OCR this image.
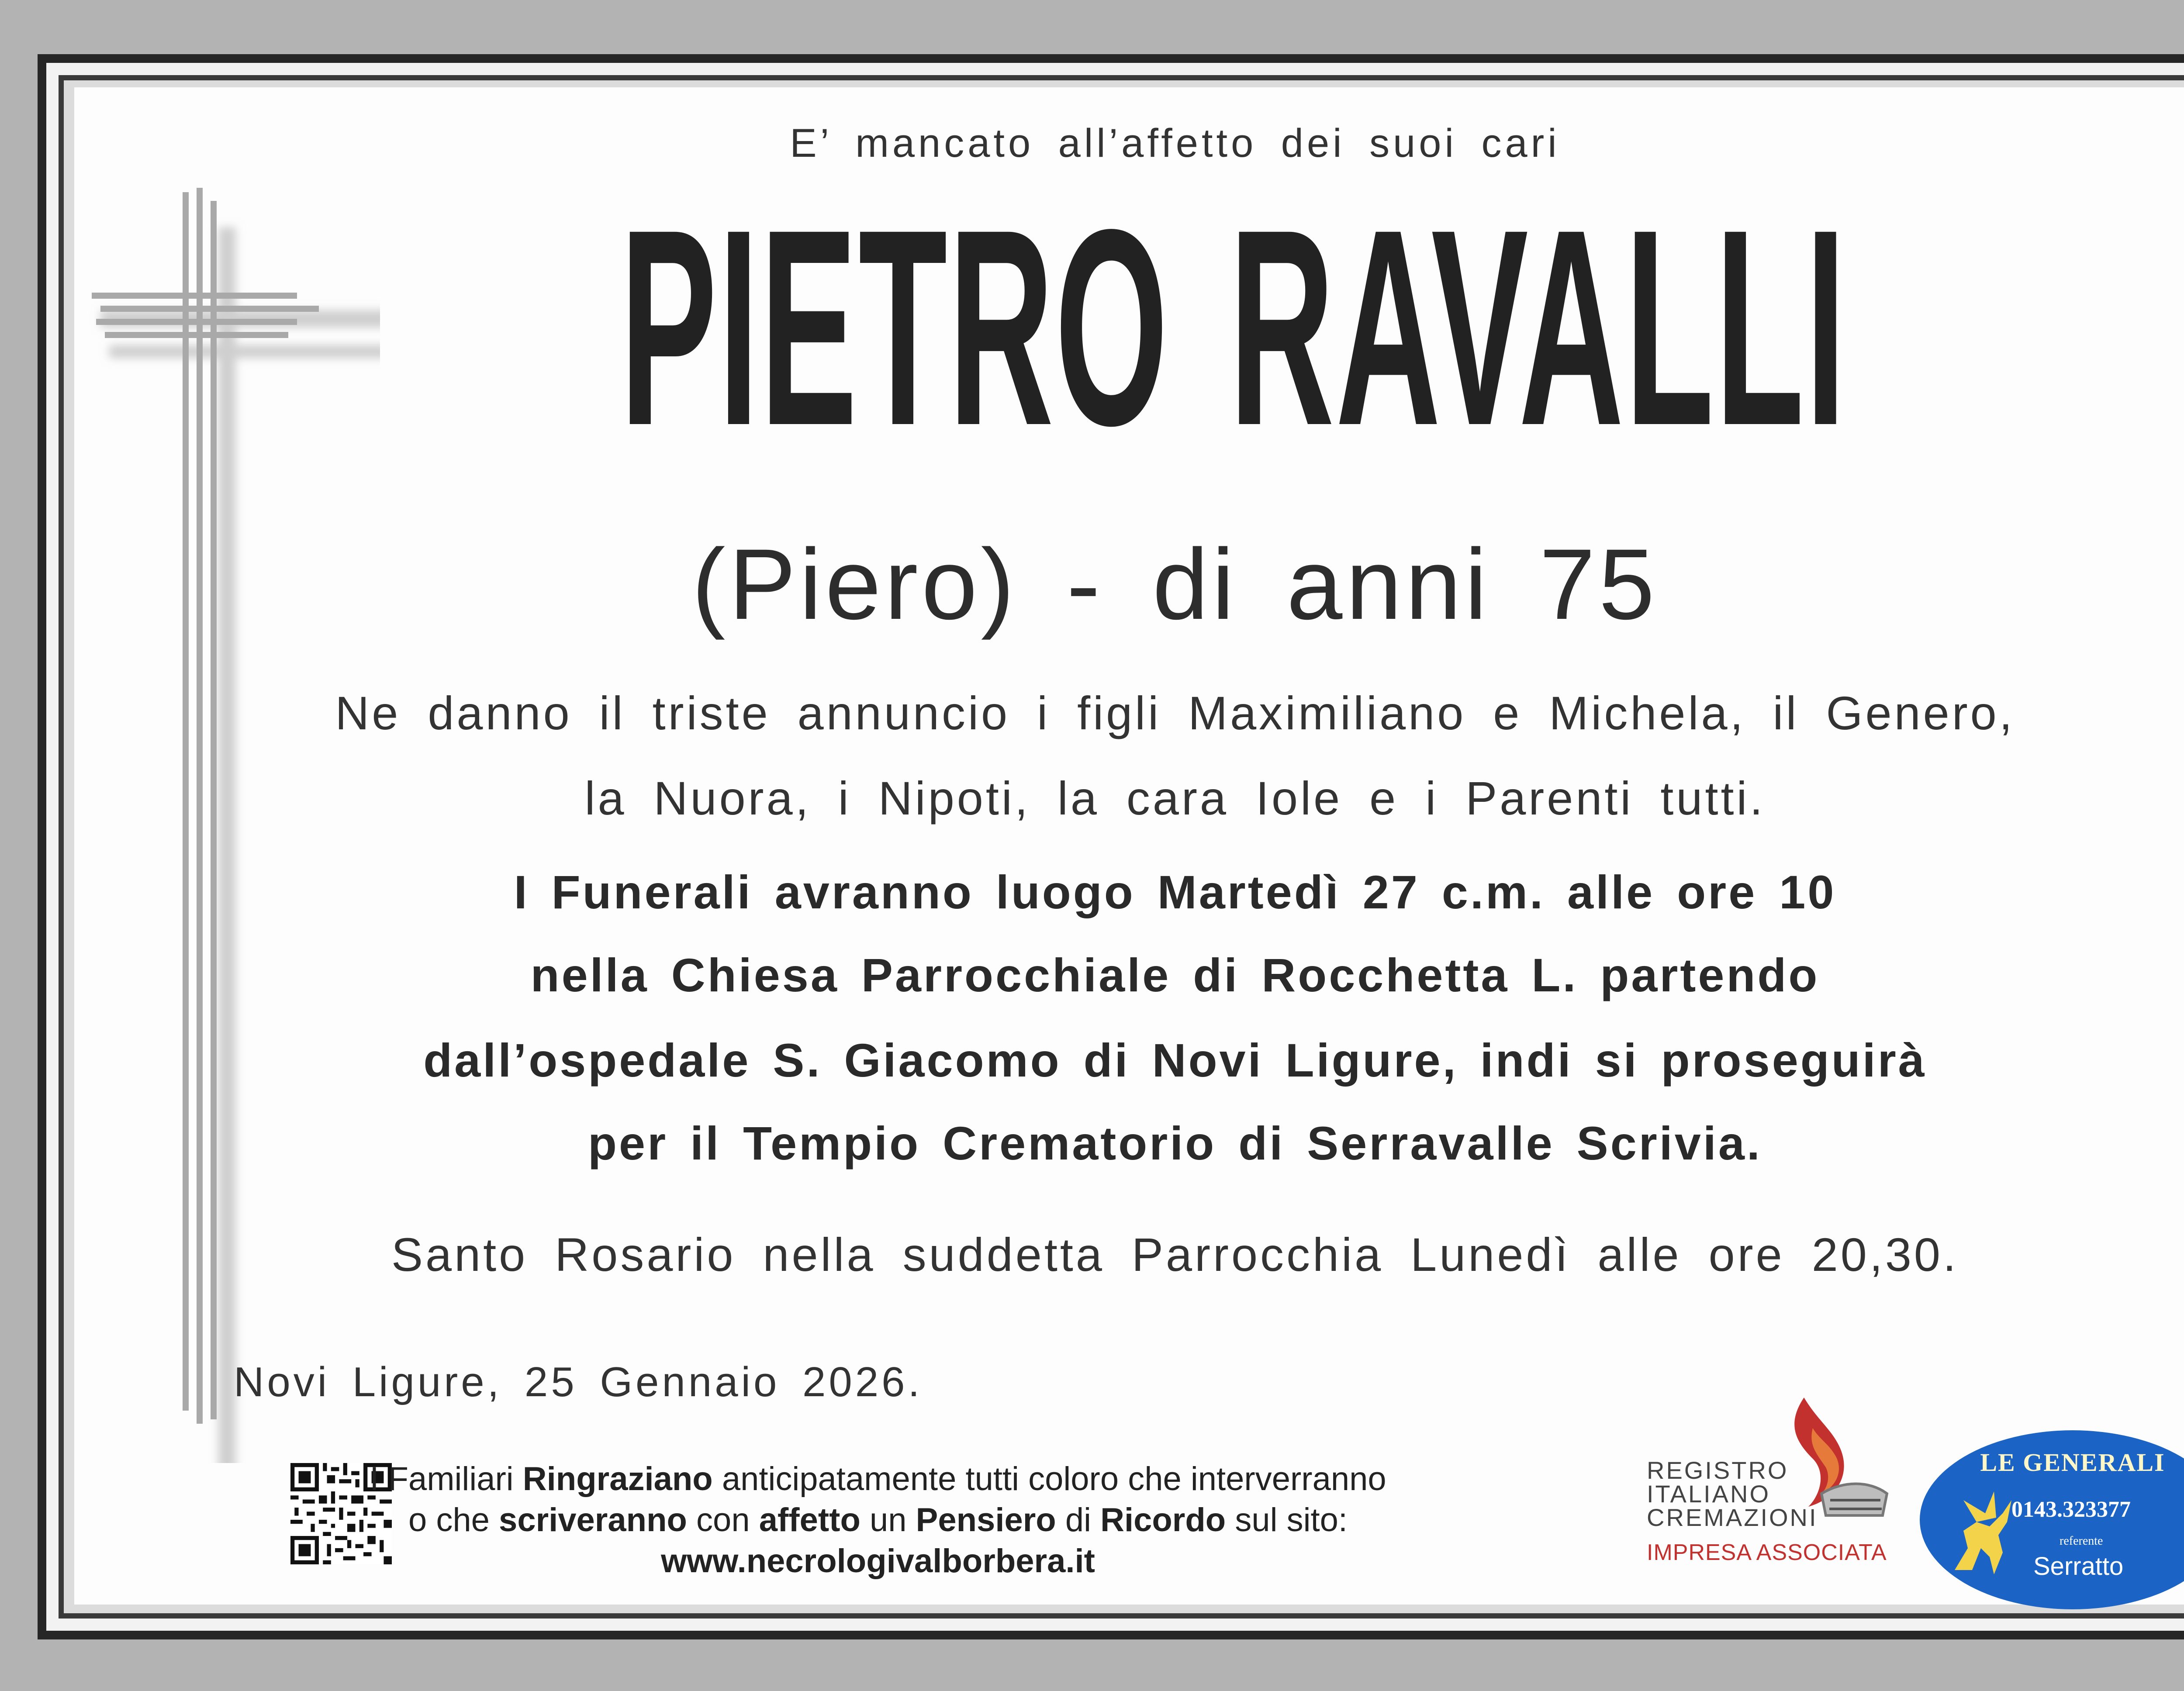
E’ mancato all’affetto dei suoi cari
PIETRO RAVALLI
(Piero) - di anni 75
Ne danno il triste annuncio i figli Maximiliano e Michela, il Genero,
la Nuora, i Nipoti, la cara Iole e i Parenti tutti.
I Funerali avranno luogo Martedì 27 c.m. alle ore 10
nella Chiesa Parrocchiale di Rocchetta L. partendo
dall’ospedale S. Giacomo di Novi Ligure, indi si proseguirà
per il Tempio Crematorio di Serravalle Scrivia.
Santo Rosario nella suddetta Parrocchia Lunedì alle ore 20,30.
Novi Ligure, 25 Gennaio 2026.
I Familiari Ringraziano anticipatamente tutti coloro che interverranno
o che scriveranno con affetto un Pensiero di Ricordo sul sito:
www.necrologivalborbera.it
REGISTRO
ITALIANO
CREMAZIONI
IMPRESA ASSOCIATA
LE GENERALI
0143.323377
referente
Serratto
